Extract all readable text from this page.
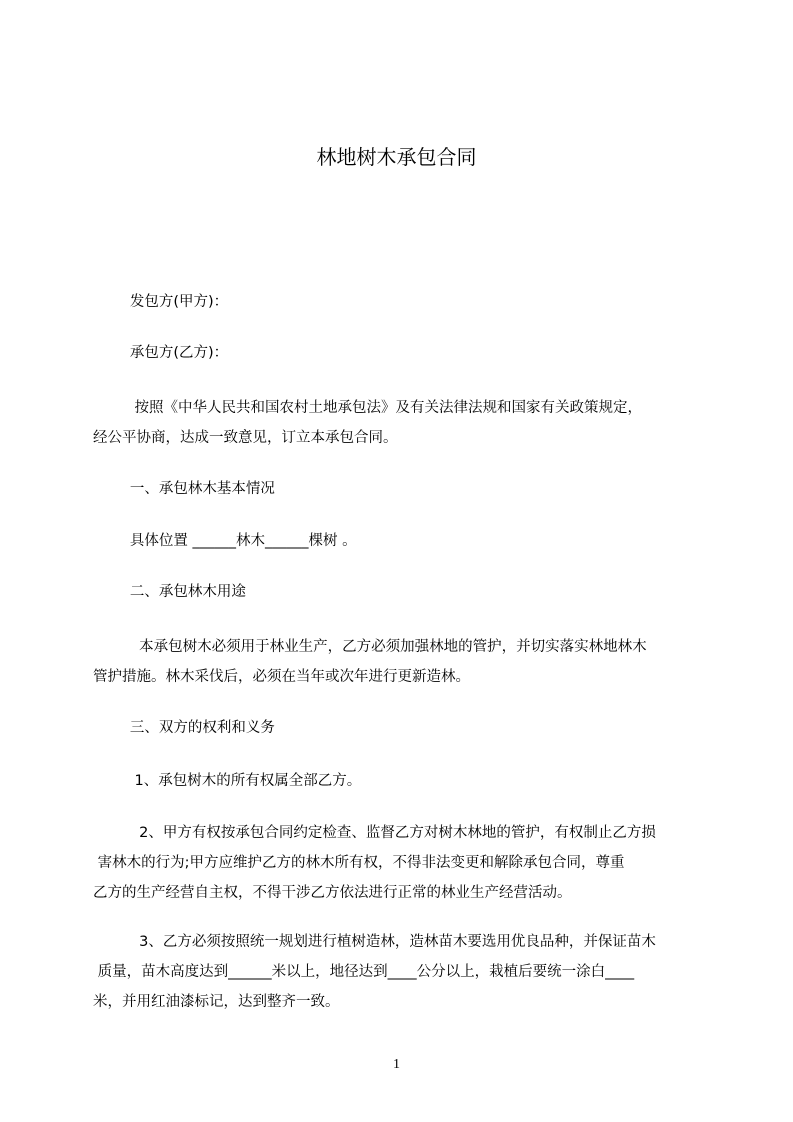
林地树木承包合同
发包方(甲方)：
承包方(乙方)：
按照《中华人民共和国农村土地承包法》及有关法律法规和国家有关政策规定，
经公平协商，达成一致意见，订立本承包合同。
一、承包林木基本情况
具体位置 ______林木______棵树 。
二、承包林木用途
本承包树木必须用于林业生产，乙方必须加强林地的管护，并切实落实林地林木
管护措施。林木采伐后，必须在当年或次年进行更新造林。
三、双方的权利和义务
1、承包树木的所有权属全部乙方。
2、甲方有权按承包合同约定检查、监督乙方对树木林地的管护，有权制止乙方损
害林木的行为;甲方应维护乙方的林木所有权，不得非法变更和解除承包合同，尊重
乙方的生产经营自主权，不得干涉乙方依法进行正常的林业生产经营活动。
3、乙方必须按照统一规划进行植树造林，造林苗木要选用优良品种，并保证苗木
质量，苗木高度达到______米以上，地径达到____公分以上，栽植后要统一涂白____
米，并用红油漆标记，达到整齐一致。
1
